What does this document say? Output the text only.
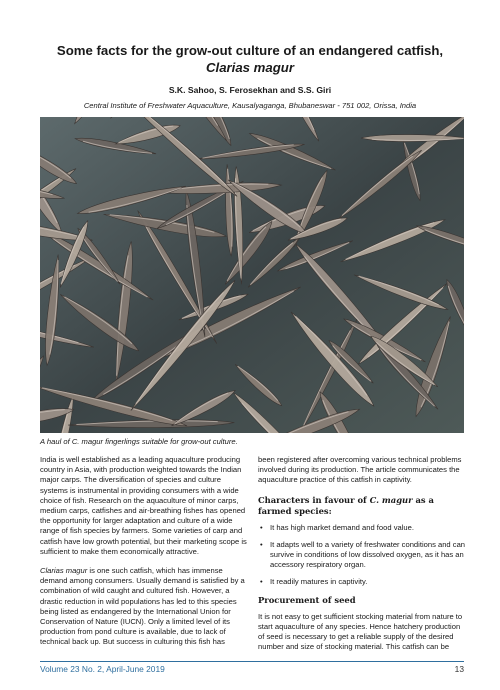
Some facts for the grow-out culture of an endangered catfish,
Clarias magur
S.K. Sahoo, S. Ferosekhan and S.S. Giri
Central Institute of Freshwater Aquaculture, Kausalyaganga, Bhubaneswar - 751 002, Orissa, India
A haul of C. magur fingerlings suitable for grow-out culture.

India is well established as a leading aquaculture producing country in Asia, with production weighted towards the Indian major carps. The diversification of species and culture systems is instrumental in providing consumers with a wide choice of fish. Research on the aquaculture of minor carps, medium carps, catfishes and air-breathing fishes has opened the opportunity for larger adaptation and culture of a wide range of fish species by farmers. Some varieties of carp and catfish have low growth potential, but their marketing scope is sufficient to make them economically attractive.

Clarias magur is one such catfish, which has immense demand among consumers. Usually demand is satisfied by a combination of wild caught and cultured fish. However, a drastic reduction in wild populations has led to this species being listed as endangered by the International Union for Conservation of Nature (IUCN). Only a limited level of its production from pond culture is available, due to lack of technical back up. But success in culturing this fish has

been registered after overcoming various technical problems involved during its production. The article communicates the aquaculture practice of this catfish in captivity.

Characters in favour of C. magur as a farmed species:
• It has high market demand and food value.
• It adapts well to a variety of freshwater conditions and can survive in conditions of low dissolved oxygen, as it has an accessory respiratory organ.
• It readily matures in captivity.
Procurement of seed

It is not easy to get sufficient stocking material from nature to start aquaculture of any species. Hence hatchery production of seed is necessary to get a reliable supply of the desired number and size of stocking material. This catfish can be

Volume 23 No. 2, April-June 2019	13
